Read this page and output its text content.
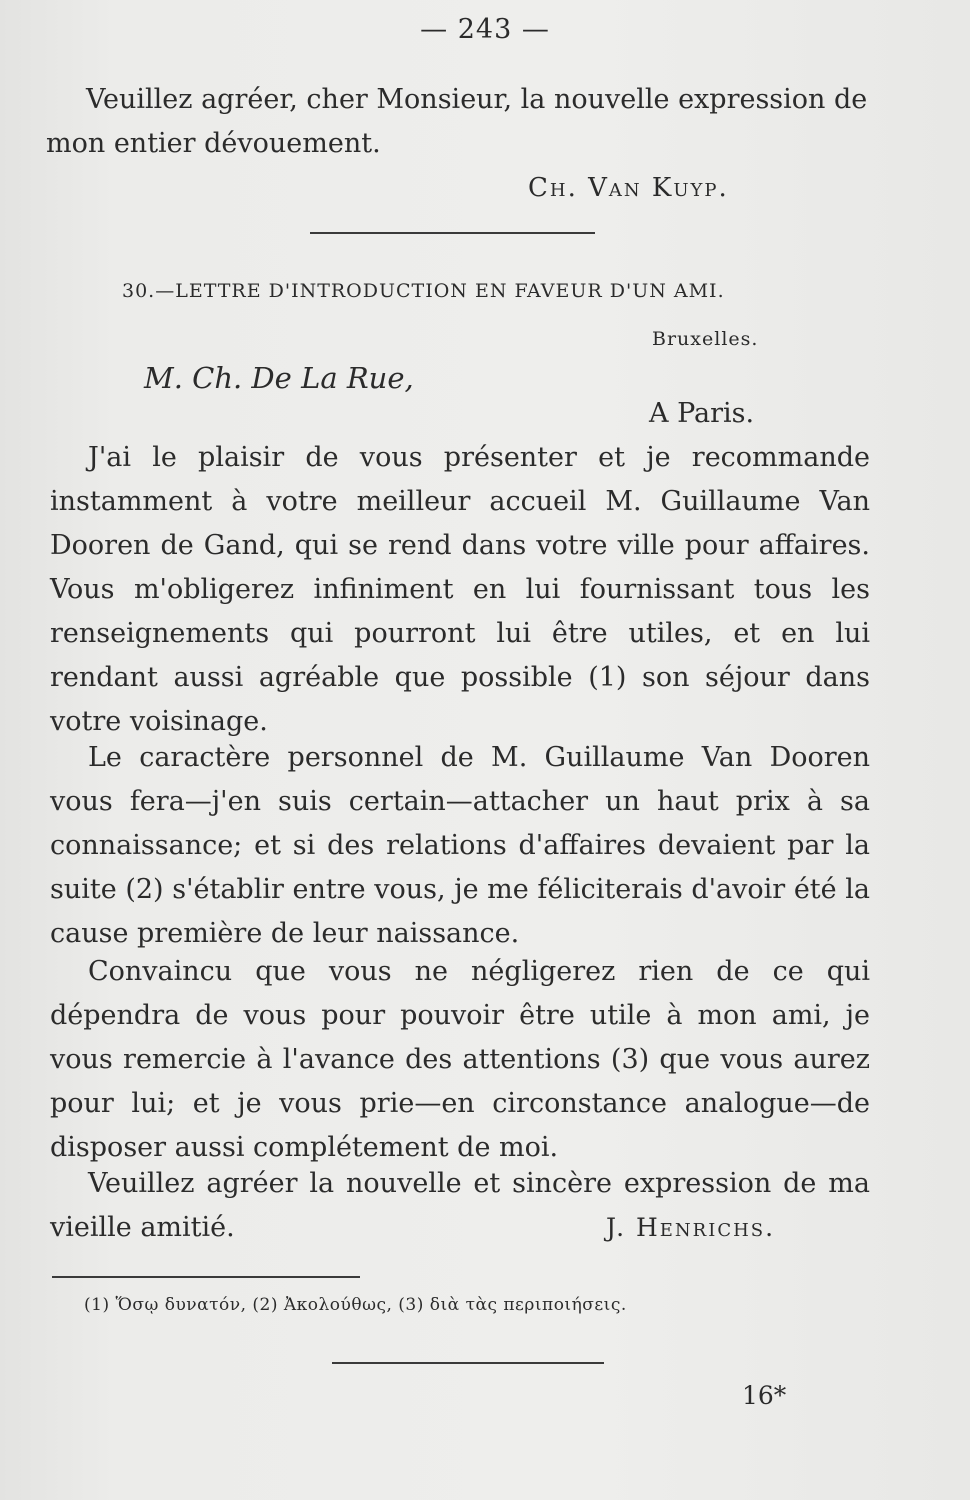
— 243 —
Veuillez agréer, cher Monsieur, la nouvelle expression de
mon entier dévouement.
Ch. Van Kuyp.
30.—LETTRE D'INTRODUCTION EN FAVEUR D'UN AMI.
Bruxelles.
M. Ch. De La Rue,
A Paris.
J'ai le plaisir de vous présenter et je recommande instamment à votre meilleur accueil M. Guillaume Van Dooren de Gand, qui se rend dans votre ville pour affaires. Vous m'obligerez infiniment en lui fournissant tous les renseignements qui pourront lui être utiles, et en lui rendant aussi agréable que possible (1) son séjour dans votre voisinage.
Le caractère personnel de M. Guillaume Van Dooren vous fera—j'en suis certain—attacher un haut prix à sa connaissance; et si des relations d'affaires devaient par la suite (2) s'établir entre vous, je me féliciterais d'avoir été la cause première de leur naissance.
Convaincu que vous ne négligerez rien de ce qui dépendra de vous pour pouvoir être utile à mon ami, je vous remercie à l'avance des attentions (3) que vous aurez pour lui; et je vous prie—en circonstance analogue—de disposer aussi complétement de moi.
Veuillez agréer la nouvelle et sincère expression de ma vieille amitié.	J. Henrichs.
(1) Ὅσῳ δυνατόν, (2) Ἀκολούθως, (3) διὰ τὰς περιποιήσεις.
16*
